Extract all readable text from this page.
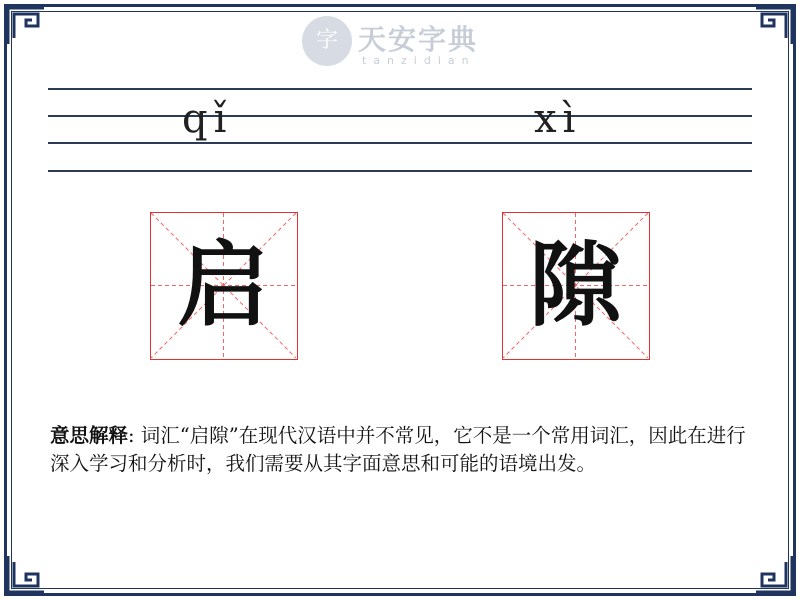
字 天安字典
tanzidian
qǐ	xì
启	隙
意思解释: 词汇“启隙”在现代汉语中并不常见，它不是一个常用词汇，因此在进行深入学习和分析时，我们需要从其字面意思和可能的语境出发。
